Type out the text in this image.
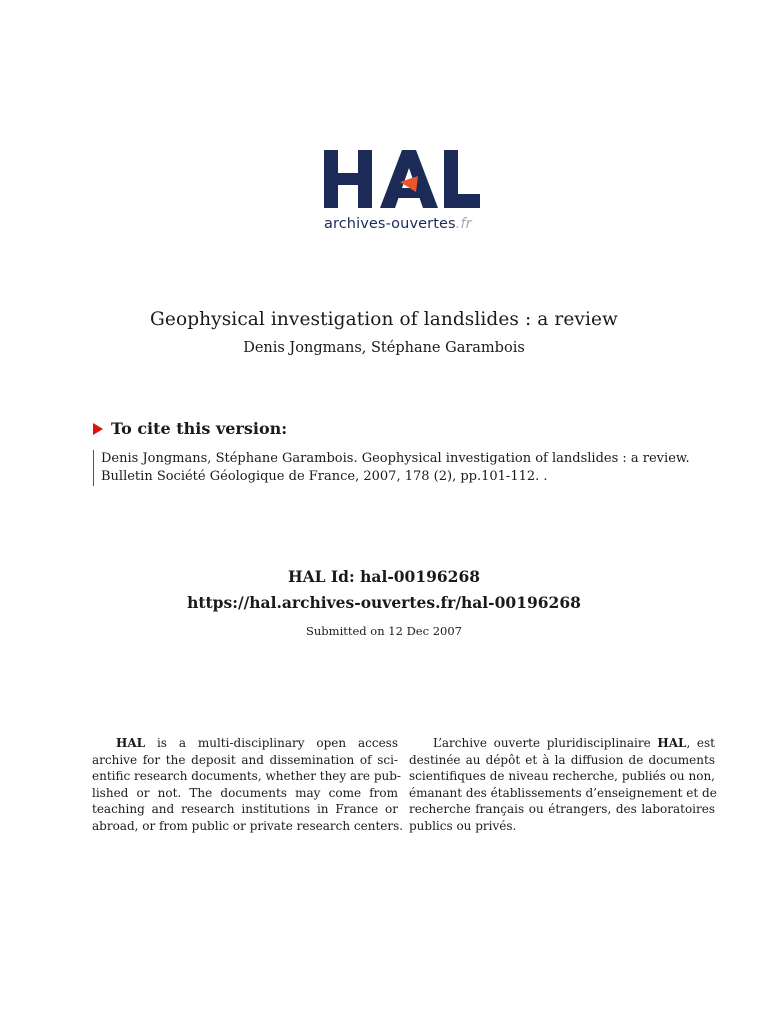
archives-ouvertes.fr
Geophysical investigation of landslides : a review
Denis Jongmans, Stéphane Garambois
To cite this version:
Denis Jongmans, Stéphane Garambois. Geophysical investigation of landslides : a review.
Bulletin Société Géologique de France, 2007, 178 (2), pp.101-112. .
HAL Id: hal-00196268
https://hal.archives-ouvertes.fr/hal-00196268
Submitted on 12 Dec 2007
HAL is a multi-disciplinary open access
archive for the deposit and dissemination of sci-
entific research documents, whether they are pub-
lished or not. The documents may come from
teaching and research institutions in France or
abroad, or from public or private research centers.
L’archive ouverte pluridisciplinaire HAL, est
destinée au dépôt et à la diffusion de documents
scientifiques de niveau recherche, publiés ou non,
émanant des établissements d’enseignement et de
recherche français ou étrangers, des laboratoires
publics ou privés.
